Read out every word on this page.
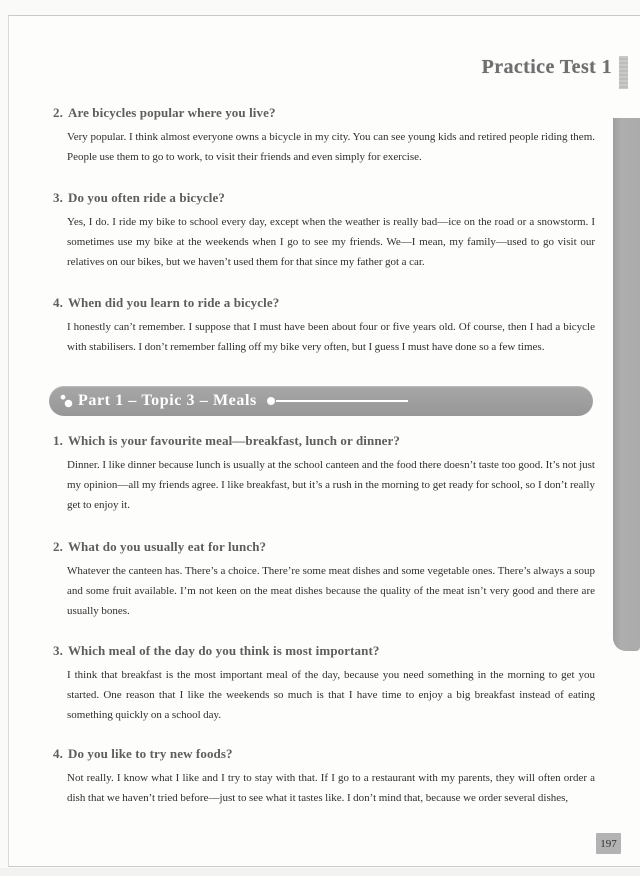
Practice Test 1
2. Are bicycles popular where you live?

Very popular. I think almost everyone owns a bicycle in my city. You can see young kids and retired people riding them. People use them to go to work, to visit their friends and even simply for exercise.

3. Do you often ride a bicycle?

Yes, I do. I ride my bike to school every day, except when the weather is really bad—ice on the road or a snowstorm. I sometimes use my bike at the weekends when I go to see my friends. We—I mean, my family—used to go visit our relatives on our bikes, but we haven’t used them for that since my father got a car.

4. When did you learn to ride a bicycle?

I honestly can’t remember. I suppose that I must have been about four or five years old. Of course, then I had a bicycle with stabilisers. I don’t remember falling off my bike very often, but I guess I must have done so a few times.

Part 1 – Topic 3 – Meals
1. Which is your favourite meal—breakfast, lunch or dinner?

Dinner. I like dinner because lunch is usually at the school canteen and the food there doesn’t taste too good. It’s not just my opinion—all my friends agree. I like breakfast, but it’s a rush in the morning to get ready for school, so I don’t really get to enjoy it.

2. What do you usually eat for lunch?

Whatever the canteen has. There’s a choice. There’re some meat dishes and some vegetable ones. There’s always a soup and some fruit available. I’m not keen on the meat dishes because the quality of the meat isn’t very good and there are usually bones.

3. Which meal of the day do you think is most important?

I think that breakfast is the most important meal of the day, because you need something in the morning to get you started. One reason that I like the weekends so much is that I have time to enjoy a big breakfast instead of eating something quickly on a school day.

4. Do you like to try new foods?

Not really. I know what I like and I try to stay with that. If I go to a restaurant with my parents, they will often order a dish that we haven’t tried before—just to see what it tastes like. I don’t mind that, because we order several dishes,

197
